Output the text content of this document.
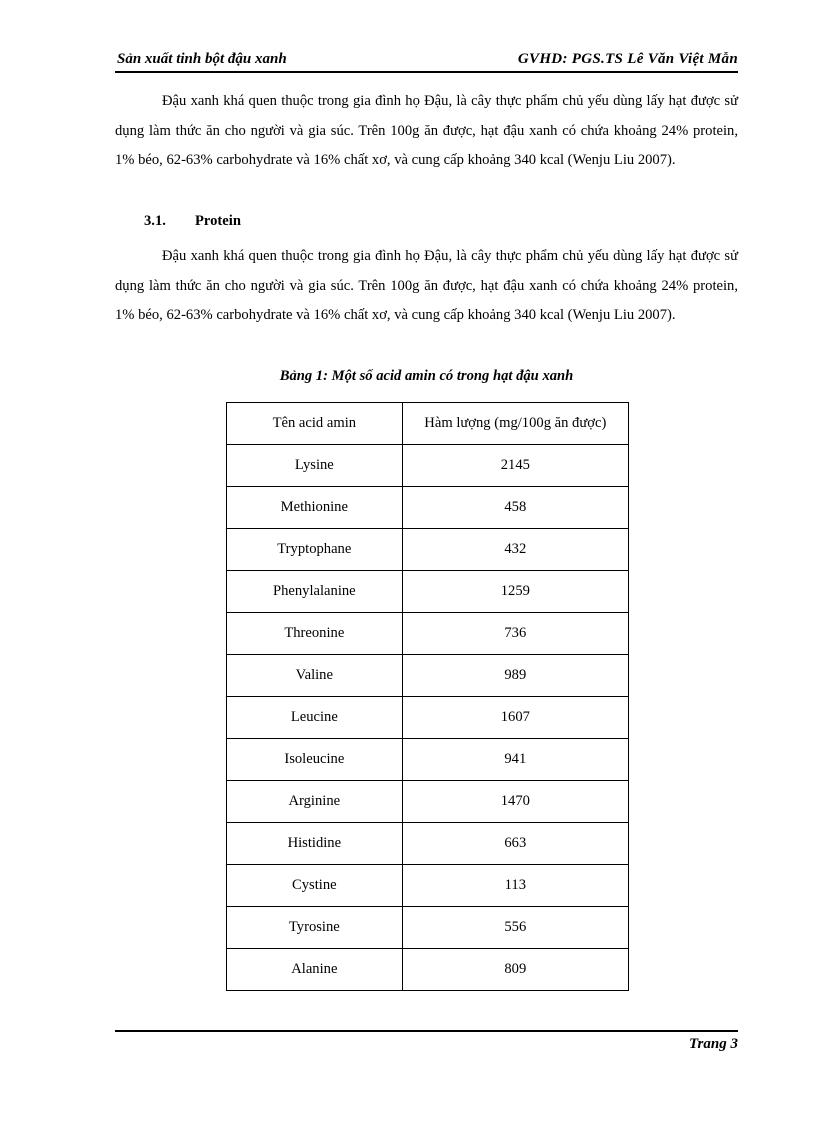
Sản xuất tinh bột đậu xanh	GVHD: PGS.TS Lê Văn Việt Mẫn

Đậu xanh khá quen thuộc trong gia đình họ Đậu, là cây thực phẩm chủ yếu dùng lấy hạt được sử dụng làm thức ăn cho người và gia súc. Trên 100g ăn được, hạt đậu xanh có chứa khoảng 24% protein, 1% béo, 62-63% carbohydrate và 16% chất xơ, và cung cấp khoảng 340 kcal (Wenju Liu 2007).

3.1. Protein

Đậu xanh khá quen thuộc trong gia đình họ Đậu, là cây thực phẩm chủ yếu dùng lấy hạt được sử dụng làm thức ăn cho người và gia súc. Trên 100g ăn được, hạt đậu xanh có chứa khoảng 24% protein, 1% béo, 62-63% carbohydrate và 16% chất xơ, và cung cấp khoảng 340 kcal (Wenju Liu 2007).

Bảng 1: Một số acid amin có trong hạt đậu xanh
Tên acid amin	Hàm lượng (mg/100g ăn được)
Lysine	2145
Methionine	458
Tryptophane	432
Phenylalanine	1259
Threonine	736
Valine	989
Leucine	1607
Isoleucine	941
Arginine	1470
Histidine	663
Cystine	113
Tyrosine	556
Alanine	809
Trang 3
